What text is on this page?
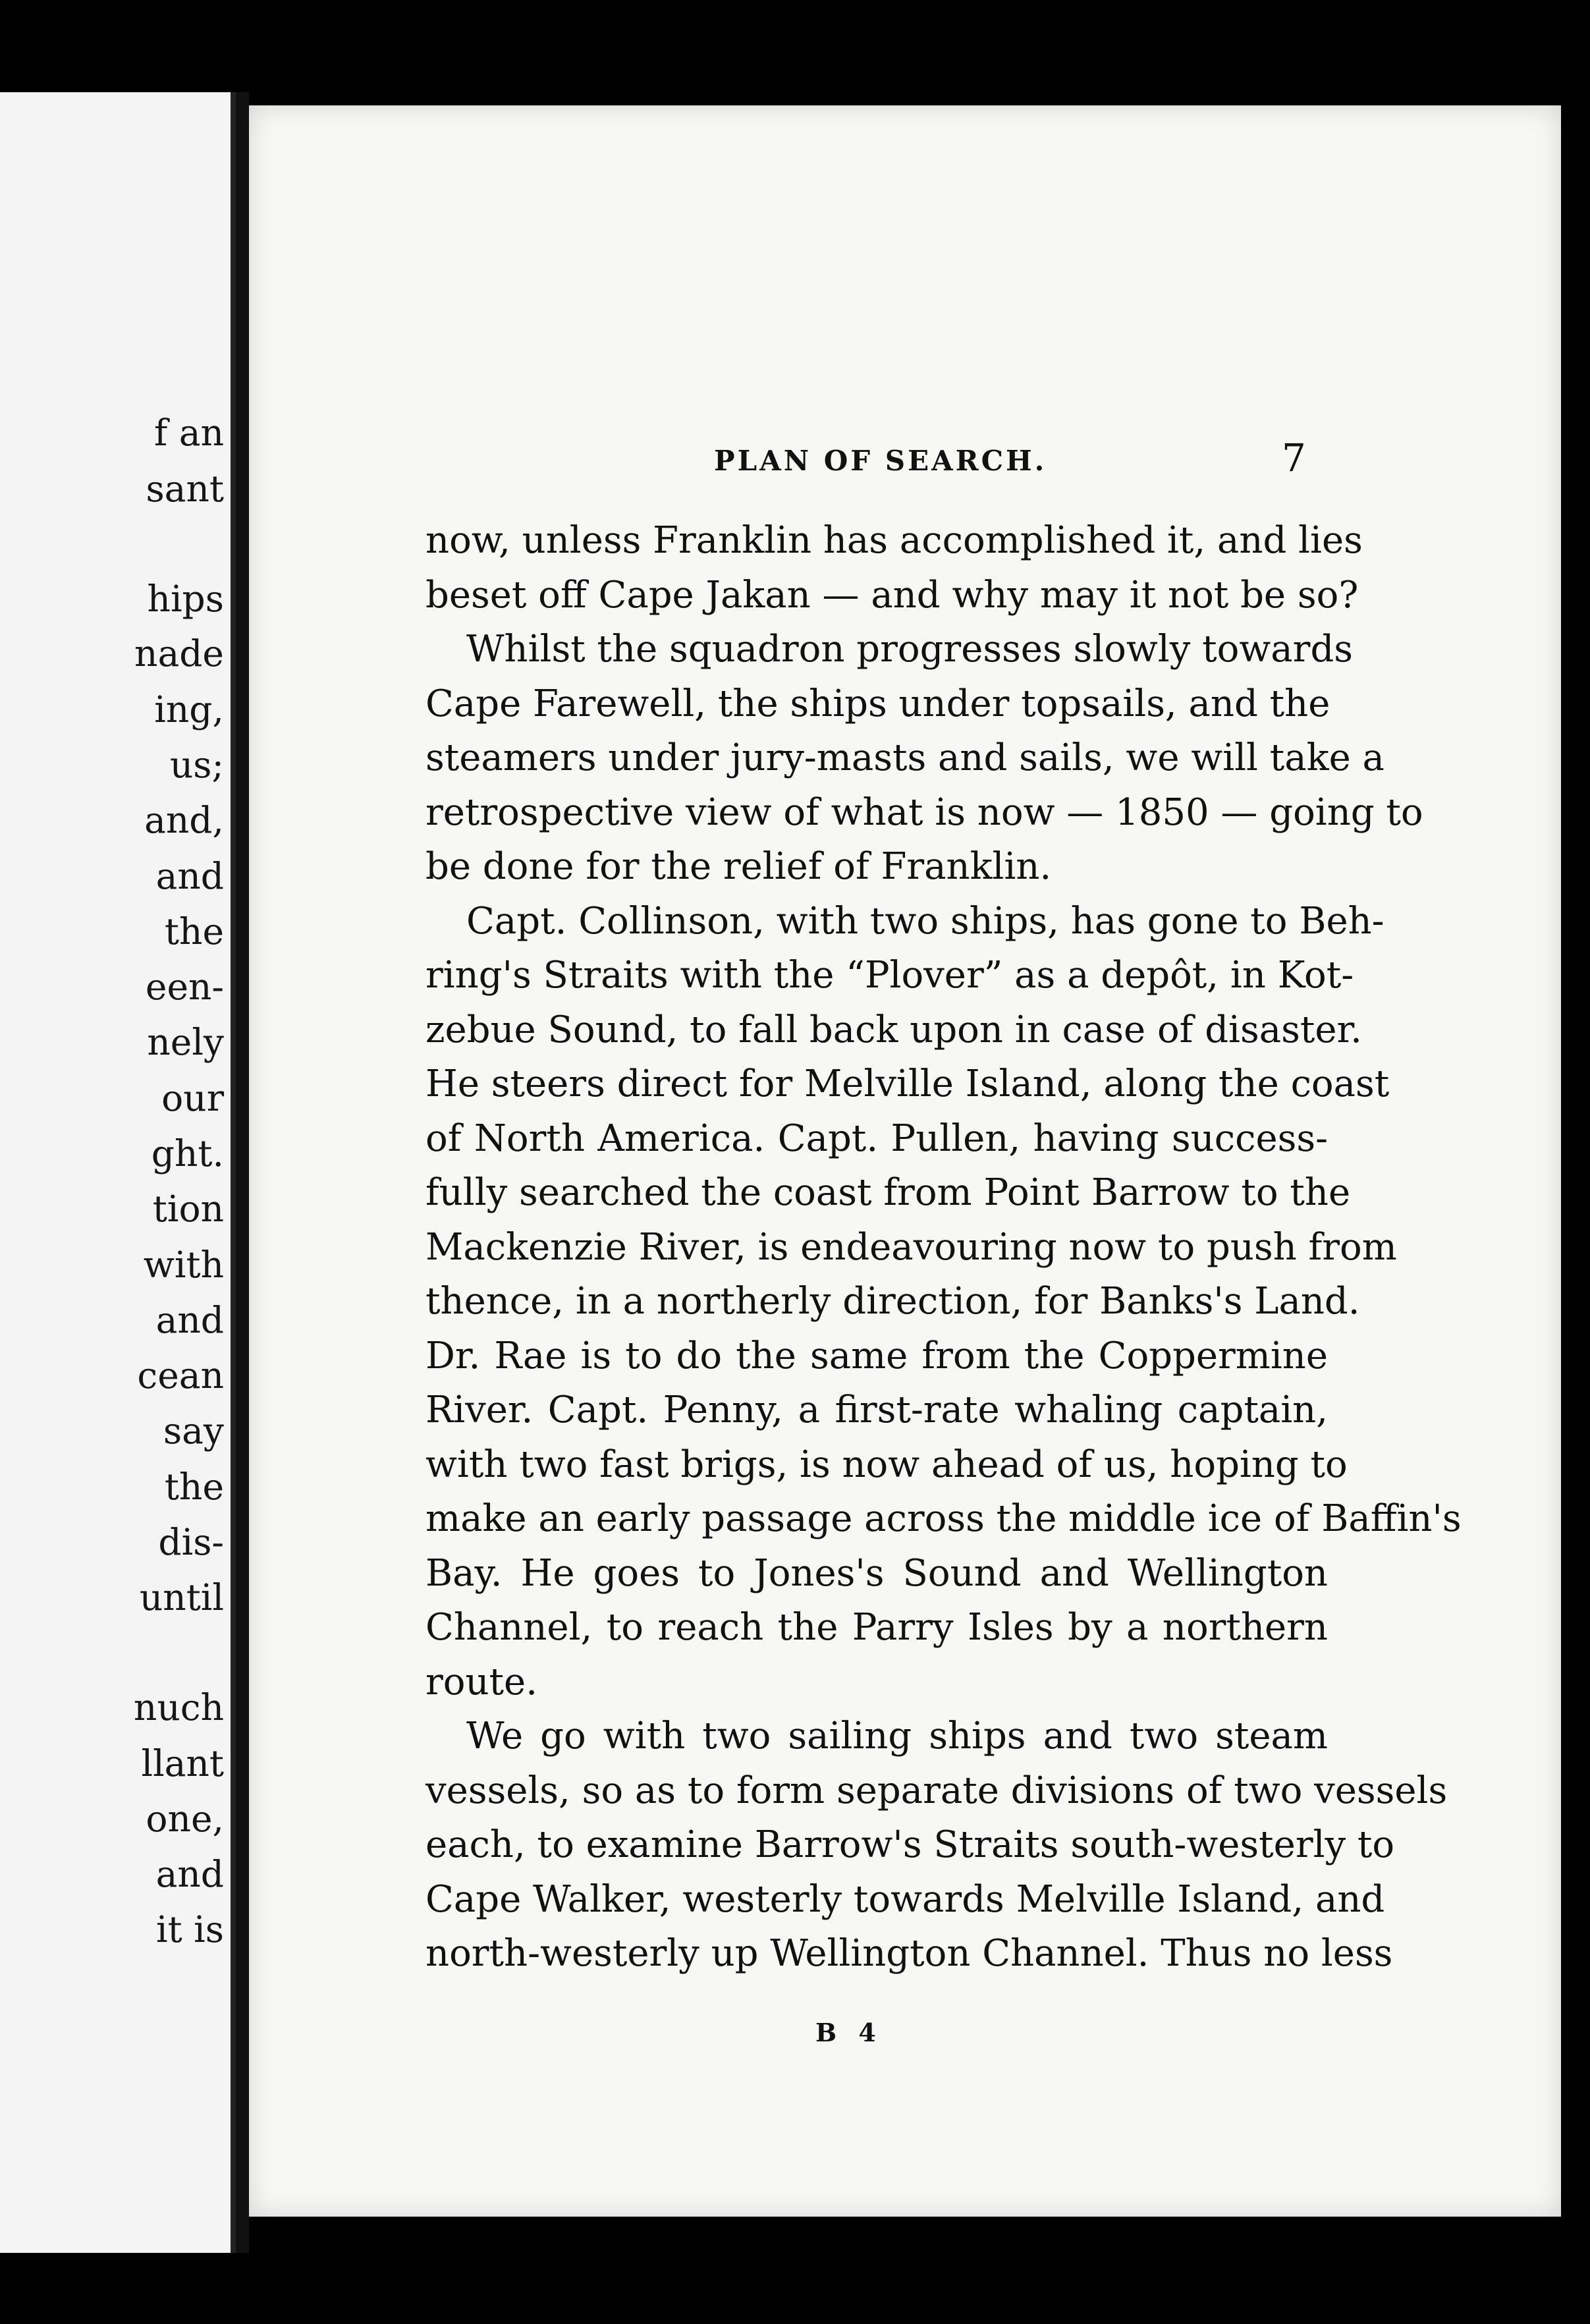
f an
sant
hips
nade
ing,
us;
and,
and
the
een-
nely
our
ght.
tion
with
and
cean
say
the
dis-
until
nuch
llant
one,
and
it is
PLAN OF SEARCH.	7
now, unless Franklin has accomplished it, and lies
beset off Cape Jakan — and why may it not be so?
Whilst the squadron progresses slowly towards
Cape Farewell, the ships under topsails, and the
steamers under jury-masts and sails, we will take a
retrospective view of what is now — 1850 — going to
be done for the relief of Franklin.
Capt. Collinson, with two ships, has gone to Beh-
ring's Straits with the “Plover” as a depôt, in Kot-
zebue Sound, to fall back upon in case of disaster.
He steers direct for Melville Island, along the coast
of North America. Capt. Pullen, having success-
fully searched the coast from Point Barrow to the
Mackenzie River, is endeavouring now to push from
thence, in a northerly direction, for Banks's Land.
Dr. Rae is to do the same from the Coppermine
River. Capt. Penny, a first-rate whaling captain,
with two fast brigs, is now ahead of us, hoping to
make an early passage across the middle ice of Baffin's
Bay. He goes to Jones's Sound and Wellington
Channel, to reach the Parry Isles by a northern
route.
We go with two sailing ships and two steam
vessels, so as to form separate divisions of two vessels
each, to examine Barrow's Straits south-westerly to
Cape Walker, westerly towards Melville Island, and
north-westerly up Wellington Channel. Thus no less
B 4
